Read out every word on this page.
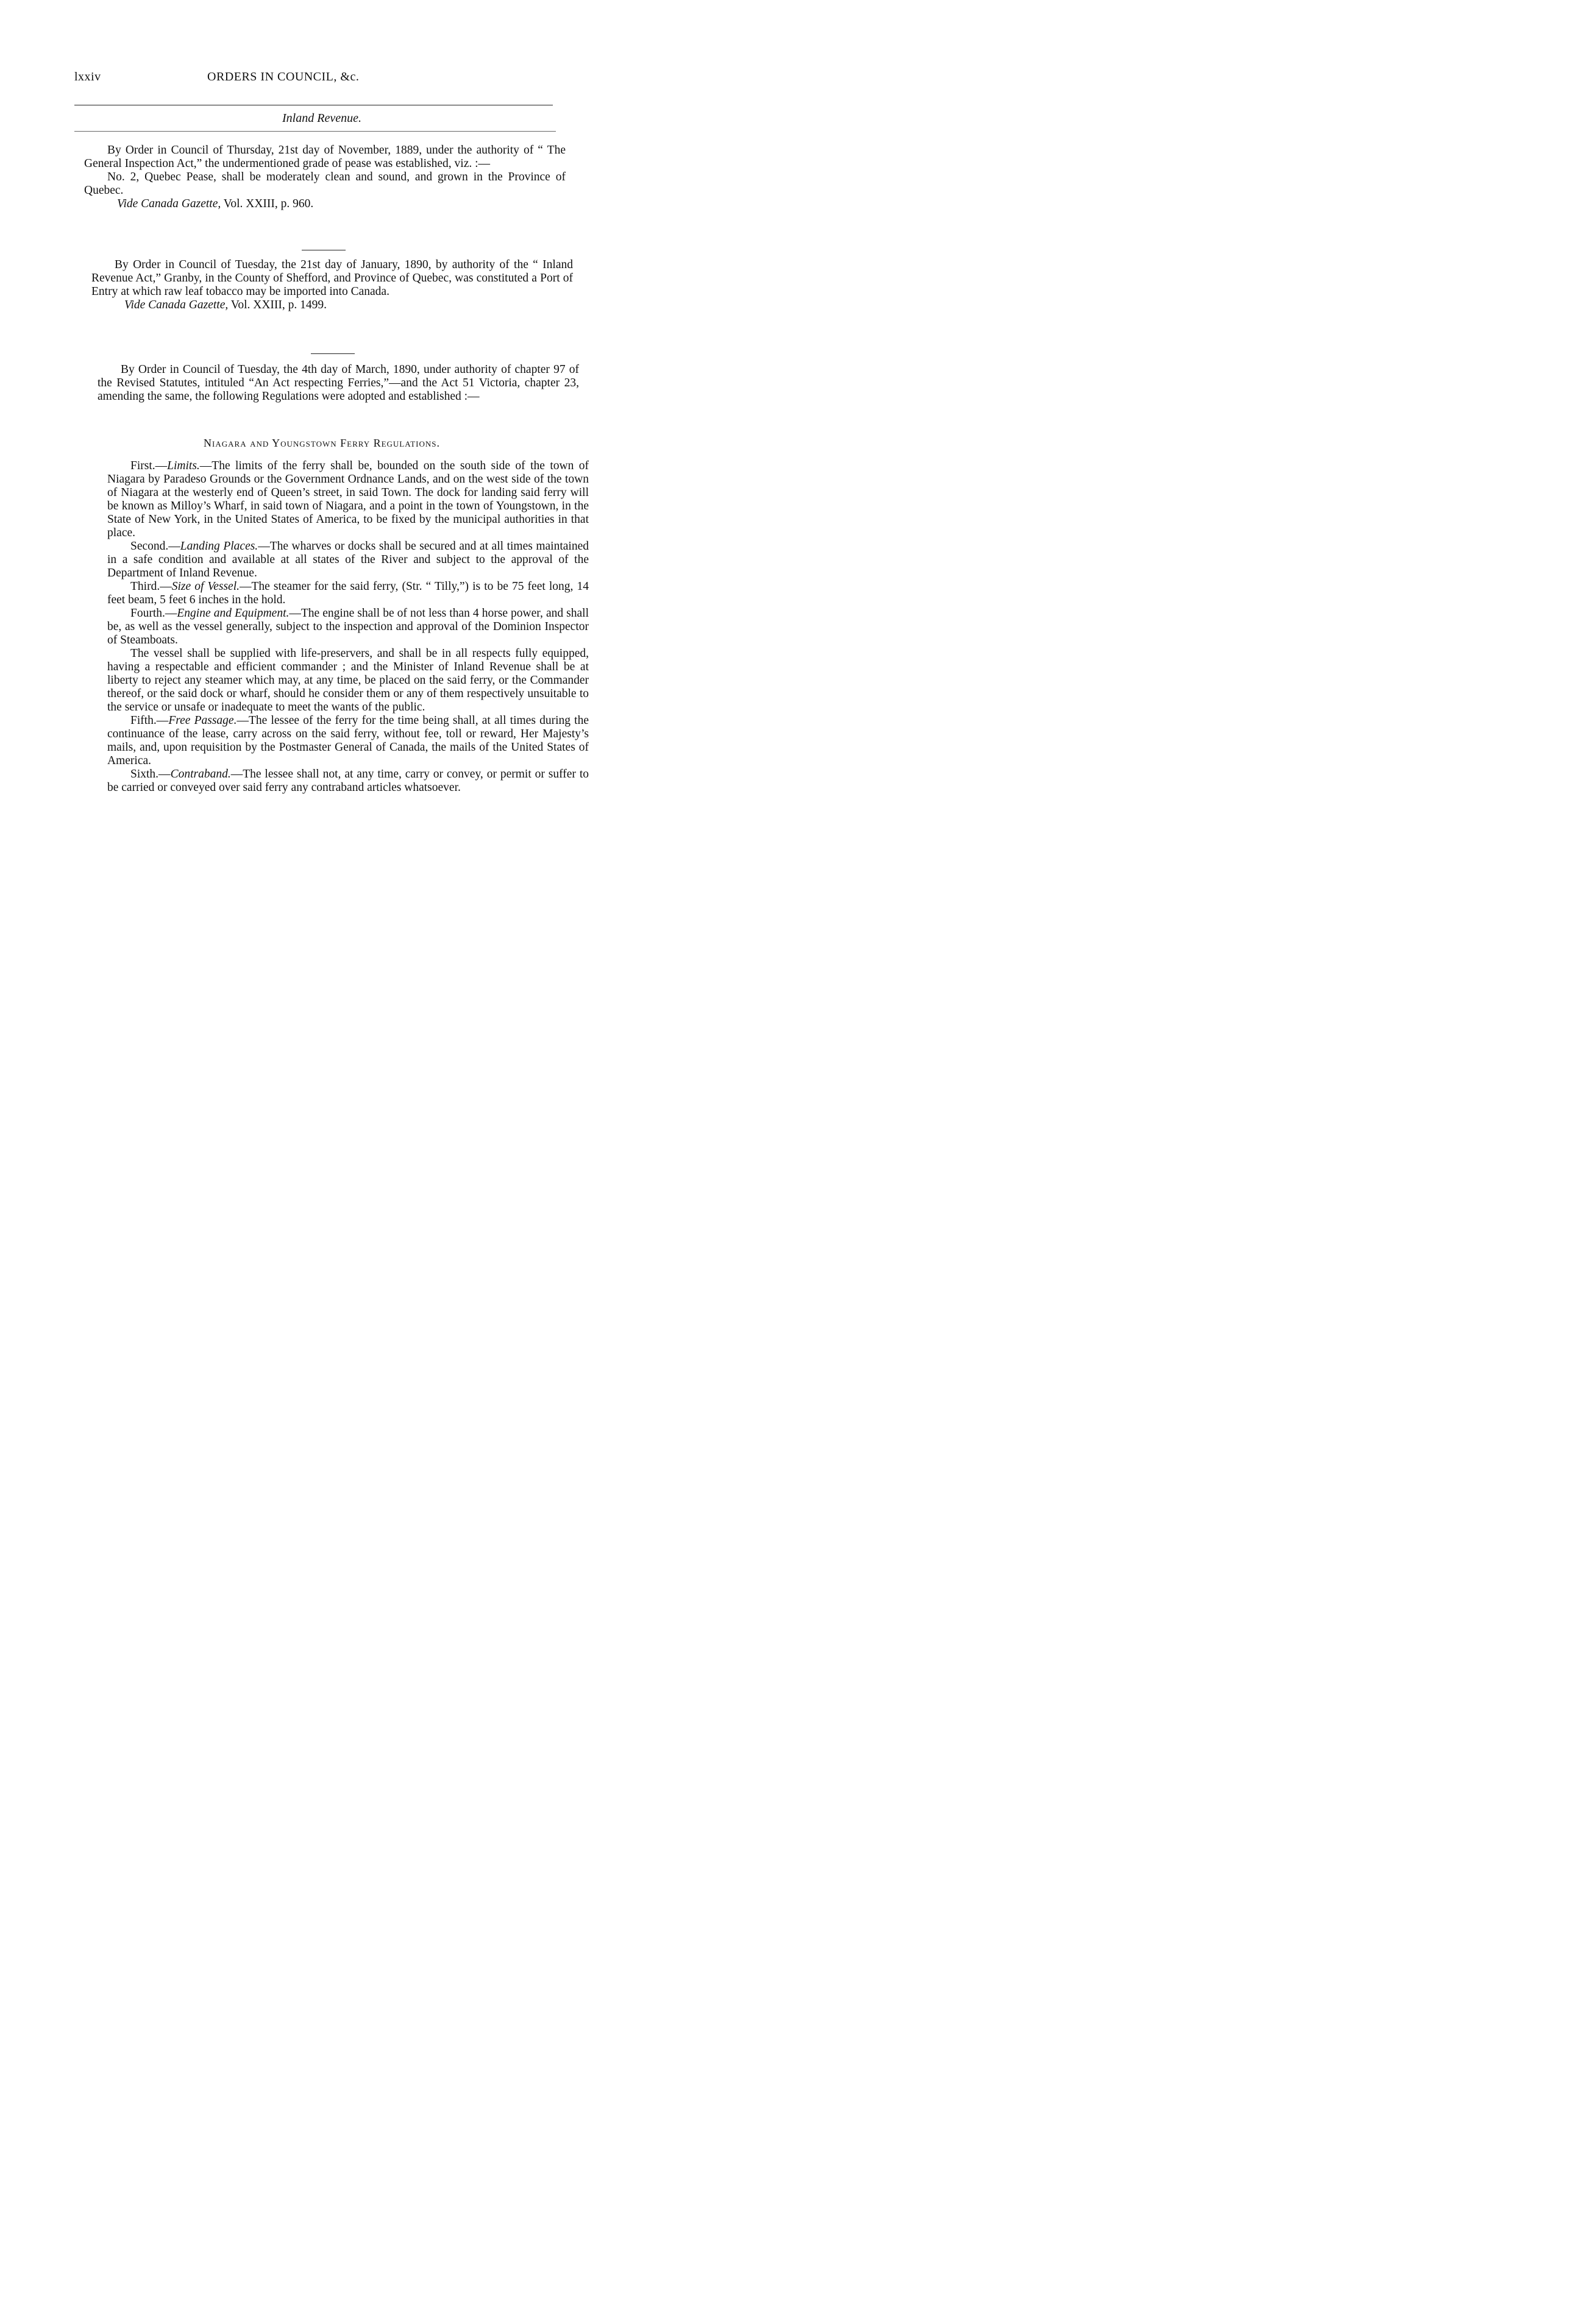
lxxiv	ORDERS IN COUNCIL, &c.
Inland Revenue.

By Order in Council of Thursday, 21st day of November, 1889, under the authority of “ The General Inspection Act,” the undermentioned grade of pease was established, viz. :—

No. 2, Quebec Pease, shall be moderately clean and sound, and grown in the Province of Quebec.

Vide Canada Gazette, Vol. XXIII, p. 960.

By Order in Council of Tuesday, the 21st day of January, 1890, by authority of the “ Inland Revenue Act,” Granby, in the County of Shefford, and Province of Quebec, was constituted a Port of Entry at which raw leaf tobacco may be imported into Canada.

Vide Canada Gazette, Vol. XXIII, p. 1499.

By Order in Council of Tuesday, the 4th day of March, 1890, under authority of chapter 97 of the Revised Statutes, intituled “An Act respecting Ferries,”—and the Act 51 Victoria, chapter 23, amending the same, the following Regulations were adopted and established :—

Niagara and Youngstown Ferry Regulations.

First.—Limits.—The limits of the ferry shall be, bounded on the south side of the town of Niagara by Paradeso Grounds or the Government Ordnance Lands, and on the west side of the town of Niagara at the westerly end of Queen’s street, in said Town. The dock for landing said ferry will be known as Milloy’s Wharf, in said town of Niagara, and a point in the town of Youngstown, in the State of New York, in the United States of America, to be fixed by the municipal authorities in that place.

Second.—Landing Places.—The wharves or docks shall be secured and at all times maintained in a safe condition and available at all states of the River and subject to the approval of the Department of Inland Revenue.

Third.—Size of Vessel.—The steamer for the said ferry, (Str. “ Tilly,”) is to be 75 feet long, 14 feet beam, 5 feet 6 inches in the hold.

Fourth.—Engine and Equipment.—The engine shall be of not less than 4 horse power, and shall be, as well as the vessel generally, subject to the inspection and approval of the Dominion Inspector of Steamboats.

The vessel shall be supplied with life-preservers, and shall be in all respects fully equipped, having a respectable and efficient commander ; and the Minister of Inland Revenue shall be at liberty to reject any steamer which may, at any time, be placed on the said ferry, or the Commander thereof, or the said dock or wharf, should he consider them or any of them respectively unsuitable to the service or unsafe or inadequate to meet the wants of the public.

Fifth.—Free Passage.—The lessee of the ferry for the time being shall, at all times during the continuance of the lease, carry across on the said ferry, without fee, toll or reward, Her Majesty’s mails, and, upon requisition by the Postmaster General of Canada, the mails of the United States of America.

Sixth.—Contraband.—The lessee shall not, at any time, carry or convey, or permit or suffer to be carried or conveyed over said ferry any contraband articles whatsoever.
